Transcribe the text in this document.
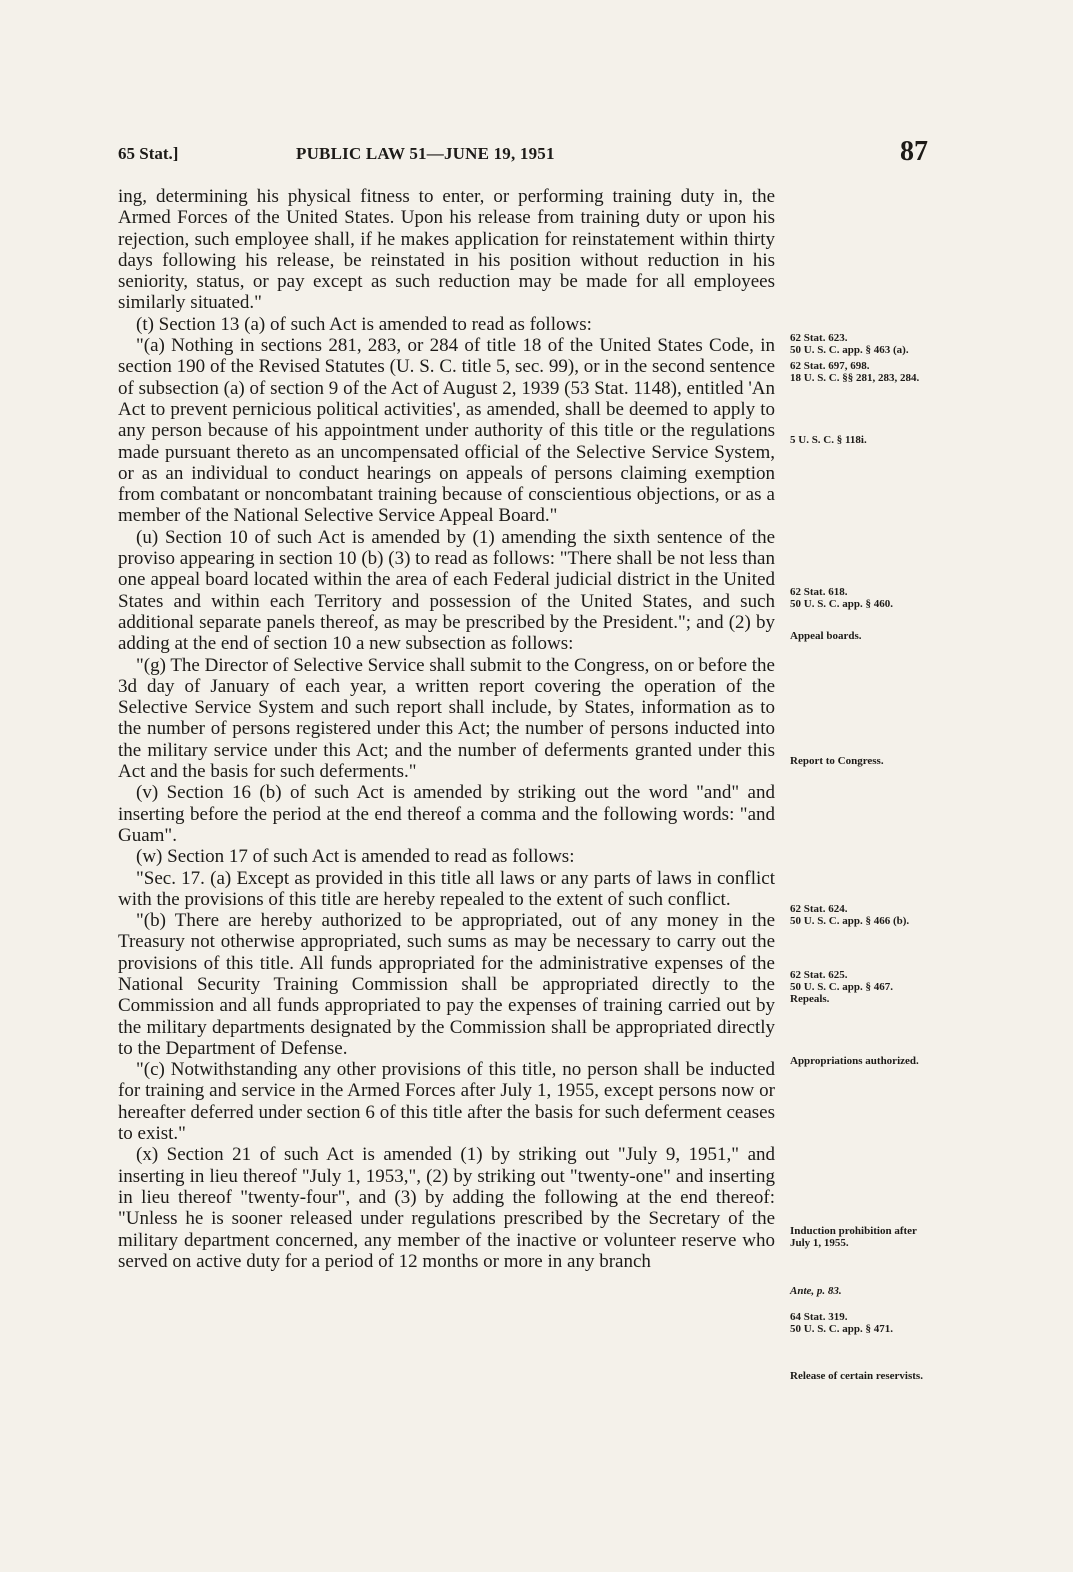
65 Stat.]	PUBLIC LAW 51—JUNE 19, 1951	87

ing, determining his physical fitness to enter, or performing training duty in, the Armed Forces of the United States. Upon his release from training duty or upon his rejection, such employee shall, if he makes application for reinstatement within thirty days following his release, be reinstated in his position without reduction in his seniority, status, or pay except as such reduction may be made for all employees similarly situated."

(t) Section 13 (a) of such Act is amended to read as follows:

"(a) Nothing in sections 281, 283, or 284 of title 18 of the United States Code, in section 190 of the Revised Statutes (U. S. C. title 5, sec. 99), or in the second sentence of subsection (a) of section 9 of the Act of August 2, 1939 (53 Stat. 1148), entitled 'An Act to prevent pernicious political activities', as amended, shall be deemed to apply to any person because of his appointment under authority of this title or the regulations made pursuant thereto as an uncompensated official of the Selective Service System, or as an individual to conduct hearings on appeals of persons claiming exemption from combatant or noncombatant training because of conscientious objections, or as a member of the National Selective Service Appeal Board."

(u) Section 10 of such Act is amended by (1) amending the sixth sentence of the proviso appearing in section 10 (b) (3) to read as follows: "There shall be not less than one appeal board located within the area of each Federal judicial district in the United States and within each Territory and possession of the United States, and such additional separate panels thereof, as may be prescribed by the President."; and (2) by adding at the end of section 10 a new subsection as follows:

"(g) The Director of Selective Service shall submit to the Congress, on or before the 3d day of January of each year, a written report covering the operation of the Selective Service System and such report shall include, by States, information as to the number of persons registered under this Act; the number of persons inducted into the military service under this Act; and the number of deferments granted under this Act and the basis for such deferments."

(v) Section 16 (b) of such Act is amended by striking out the word "and" and inserting before the period at the end thereof a comma and the following words: "and Guam".

(w) Section 17 of such Act is amended to read as follows:

"Sec. 17. (a) Except as provided in this title all laws or any parts of laws in conflict with the provisions of this title are hereby repealed to the extent of such conflict.

"(b) There are hereby authorized to be appropriated, out of any money in the Treasury not otherwise appropriated, such sums as may be necessary to carry out the provisions of this title. All funds appropriated for the administrative expenses of the National Security Training Commission shall be appropriated directly to the Commission and all funds appropriated to pay the expenses of training carried out by the military departments designated by the Commission shall be appropriated directly to the Department of Defense.

"(c) Notwithstanding any other provisions of this title, no person shall be inducted for training and service in the Armed Forces after July 1, 1955, except persons now or hereafter deferred under section 6 of this title after the basis for such deferment ceases to exist."

(x) Section 21 of such Act is amended (1) by striking out "July 9, 1951," and inserting in lieu thereof "July 1, 1953,", (2) by striking out "twenty-one" and inserting in lieu thereof "twenty-four", and (3) by adding the following at the end thereof: "Unless he is sooner released under regulations prescribed by the Secretary of the military department concerned, any member of the inactive or volunteer reserve who served on active duty for a period of 12 months or more in any branch

62 Stat. 623.
50 U. S. C. app. § 463 (a).
62 Stat. 697, 698.
18 U. S. C. §§ 281, 283, 284.
5 U. S. C. § 118i.
62 Stat. 618.
50 U. S. C. app. § 460.
Appeal boards.
Report to Congress.
62 Stat. 624.
50 U. S. C. app. § 466 (b).
62 Stat. 625.
50 U. S. C. app. § 467.
Repeals.
Appropriations authorized.
Induction prohibition after July 1, 1955.
Ante, p. 83.
64 Stat. 319.
50 U. S. C. app. § 471.
Release of certain reservists.
